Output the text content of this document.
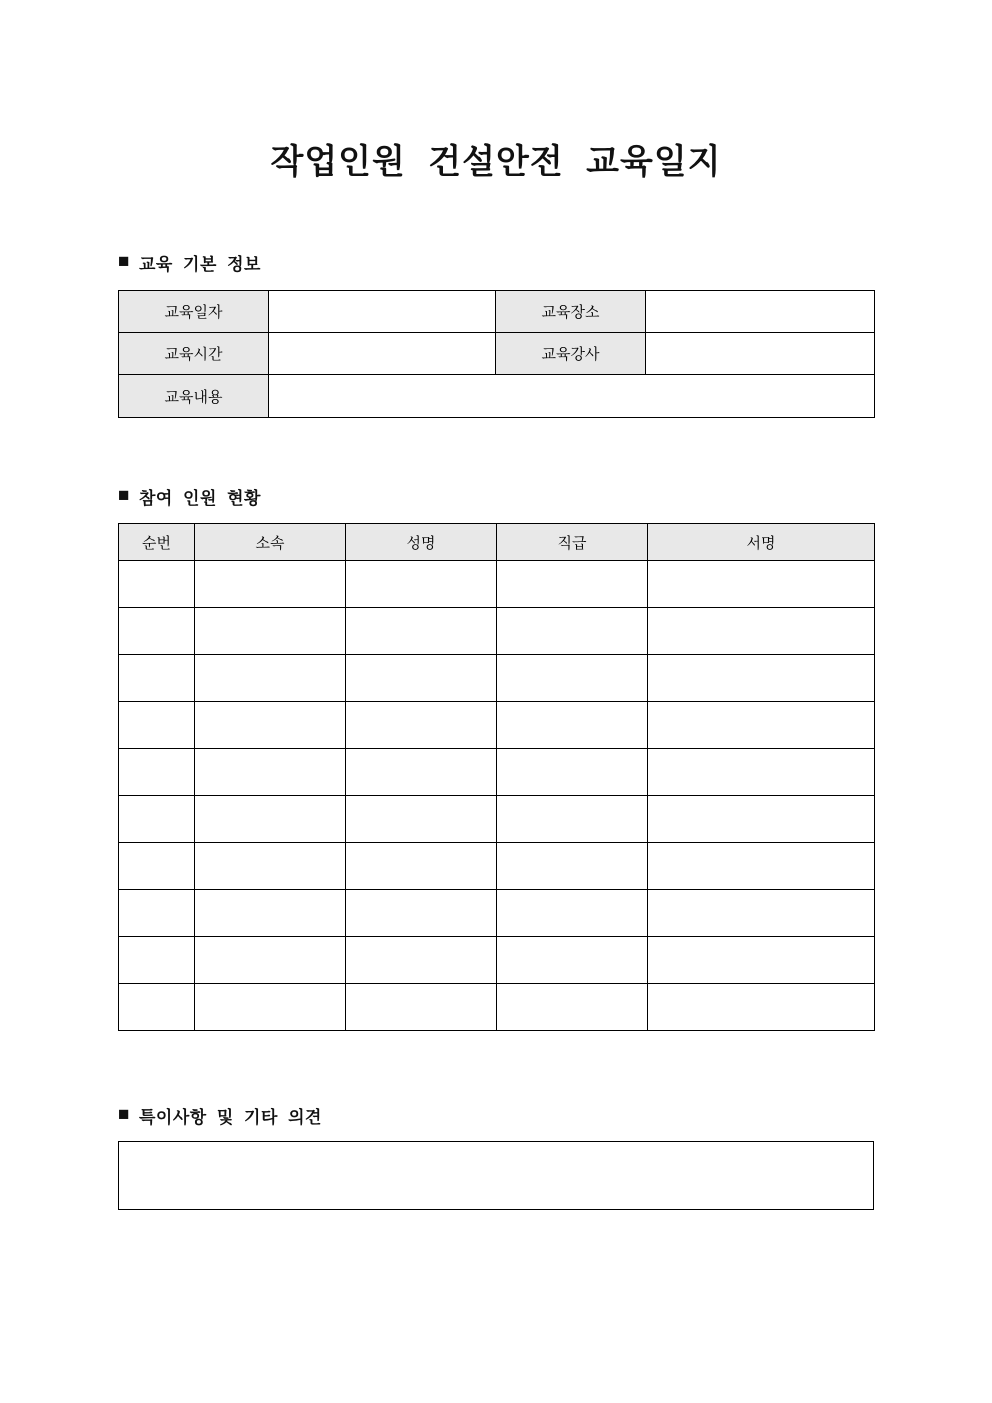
작업인원 건설안전 교육일지
■ 교육 기본 정보
교육일자		교육장소	
교육시간		교육강사	
교육내용			
■ 참여 인원 현황
순번	소속	성명	직급	서명

■ 특이사항 및 기타 의견
